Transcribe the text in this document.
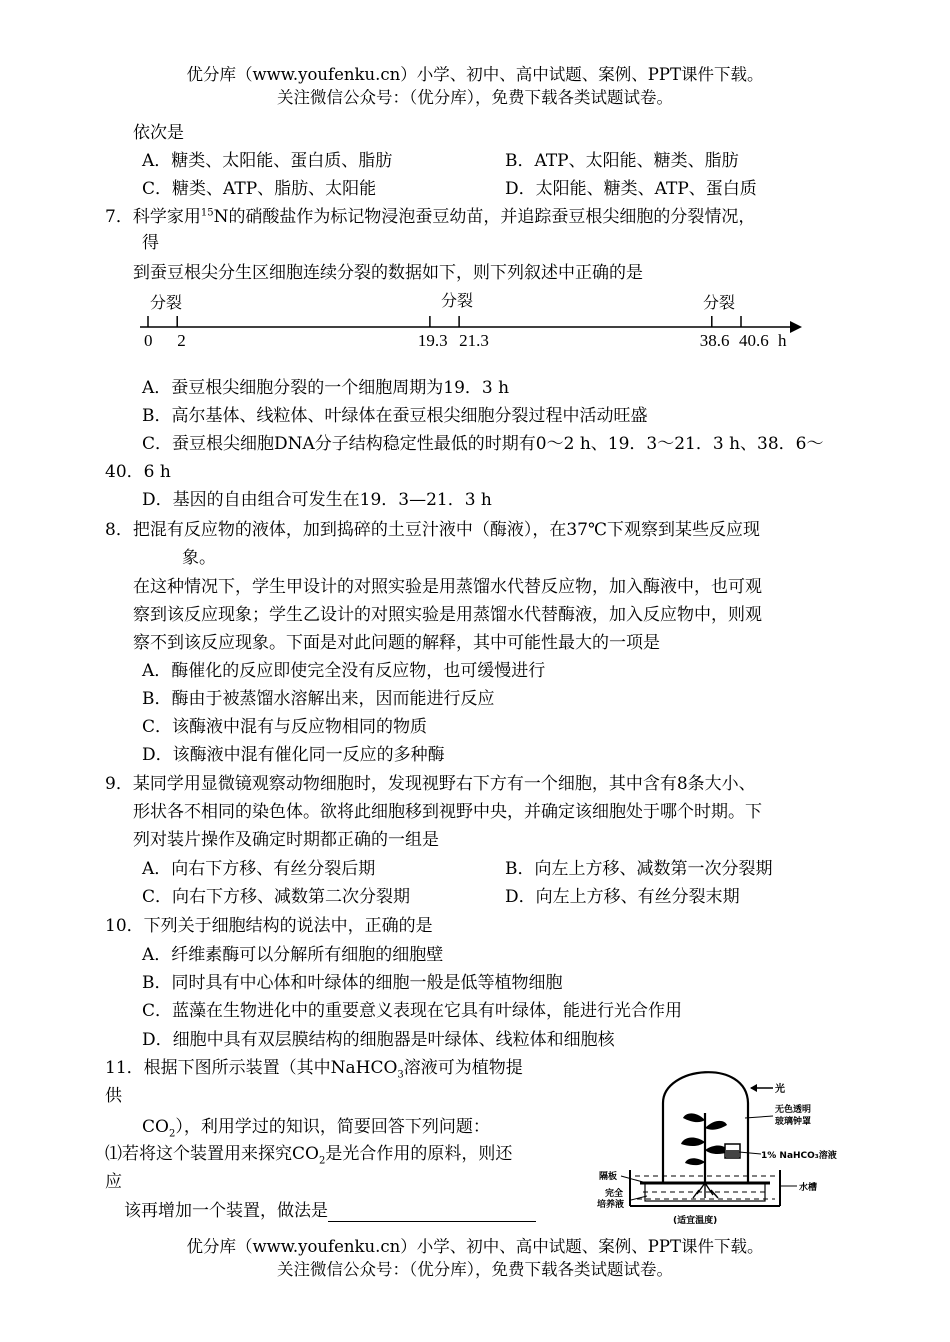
优分库（www.youfenku.cn）小学、初中、高中试题、案例、PPT课件下载。
关注微信公众号：（优分库），免费下载各类试题试卷。
依次是
A．糖类、太阳能、蛋白质、脂肪	B．ATP、太阳能、糖类、脂肪
C．糖类、ATP、脂肪、太阳能	D．太阳能、糖类、ATP、蛋白质
7．科学家用$^{15}$N的硝酸盐作为标记物浸泡蚕豆幼苗，并追踪蚕豆根尖细胞的分裂情况，
得
到蚕豆根尖分生区细胞连续分裂的数据如下，则下列叙述中正确的是
0 2	19.3 21.3	38.6 40.6
分裂	分裂	分裂
h
A．蚕豆根尖细胞分裂的一个细胞周期为19．3 h
B．高尔基体、线粒体、叶绿体在蚕豆根尖细胞分裂过程中活动旺盛
C．蚕豆根尖细胞DNA分子结构稳定性最低的时期有0～2 h、19．3～21．3 h、38．6～
40．6 h
D．基因的自由组合可发生在19．3—21．3 h
8．把混有反应物的液体，加到捣碎的土豆汁液中（酶液），在37℃下观察到某些反应现
象。
在这种情况下，学生甲设计的对照实验是用蒸馏水代替反应物，加入酶液中，也可观
察到该反应现象；学生乙设计的对照实验是用蒸馏水代替酶液，加入反应物中，则观
察不到该反应现象。下面是对此问题的解释，其中可能性最大的一项是
A．酶催化的反应即使完全没有反应物，也可缓慢进行
B．酶由于被蒸馏水溶解出来，因而能进行反应
C．该酶液中混有与反应物相同的物质
D．该酶液中混有催化同一反应的多种酶
9．某同学用显微镜观察动物细胞时，发现视野右下方有一个细胞，其中含有8条大小、
形状各不相同的染色体。欲将此细胞移到视野中央，并确定该细胞处于哪个时期。下
列对装片操作及确定时期都正确的一组是
A．向右下方移、有丝分裂后期	B．向左上方移、减数第一次分裂期
C．向右下方移、减数第二次分裂期	D．向左上方移、有丝分裂末期
10．下列关于细胞结构的说法中，正确的是
A．纤维素酶可以分解所有细胞的细胞壁
B．同时具有中心体和叶绿体的细胞一般是低等植物细胞
C．蓝藻在生物进化中的重要意义表现在它具有叶绿体，能进行光合作用
D．细胞中具有双层膜结构的细胞器是叶绿体、线粒体和细胞核
11．根据下图所示装置（其中NaHCO$_3$溶液可为植物提
供
$CO_2$），利用学过的知识，简要回答下列问题：
⑴若将这个装置用来探究$CO_2$是光合作用的原料，则还
应
该再增加一个装置，做法是
光
无色透明
玻璃钟罩
1% NaHCO₃溶液
隔板
完全
培养液
水槽
(适宜温度)
优分库（www.youfenku.cn）小学、初中、高中试题、案例、PPT课件下载。
关注微信公众号：（优分库），免费下载各类试题试卷。
